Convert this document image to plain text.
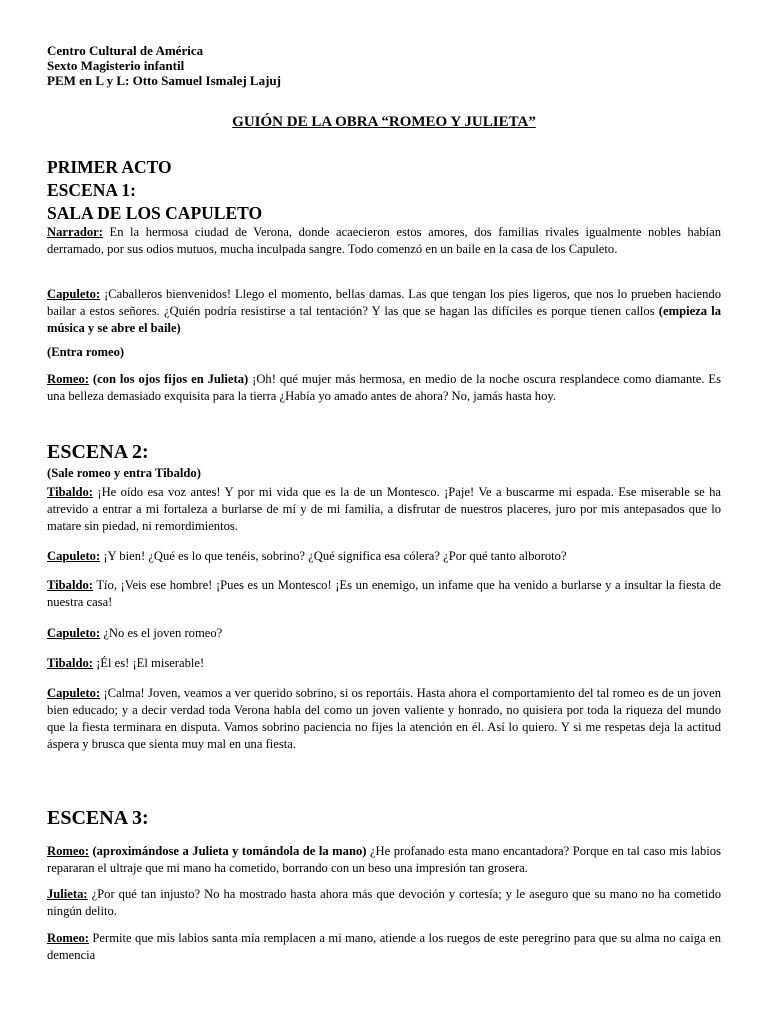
Centro Cultural de América
Sexto Magisterio infantil
PEM en L y L: Otto Samuel Ismalej Lajuj
GUIÓN DE LA OBRA “ROMEO Y JULIETA”
PRIMER ACTO
ESCENA 1:
SALA DE LOS CAPULETO
Narrador: En la hermosa ciudad de Verona, donde acaecieron estos amores, dos familias rivales igualmente nobles habían derramado, por sus odios mutuos, mucha inculpada sangre. Todo comenzó en un baile en la casa de los Capuleto.
Capuleto: ¡Caballeros bienvenidos! Llego el momento, bellas damas. Las que tengan los pies ligeros, que nos lo prueben haciendo bailar a estos señores. ¿Quién podría resistirse a tal tentación? Y las que se hagan las difíciles es porque tienen callos (empieza la música y se abre el baile)
(Entra romeo)
Romeo: (con los ojos fijos en Julieta) ¡Oh! qué mujer más hermosa, en medio de la noche oscura resplandece como diamante. Es una belleza demasiado exquisita para la tierra ¿Había yo amado antes de ahora? No, jamás hasta hoy.
ESCENA 2:
(Sale romeo y entra Tibaldo)
Tibaldo: ¡He oído esa voz antes! Y por mi vida que es la de un Montesco. ¡Paje! Ve a buscarme mi espada. Ese miserable se ha atrevido a entrar a mi fortaleza a burlarse de mí y de mi familia, a disfrutar de nuestros placeres, juro por mis antepasados que lo matare sin piedad, ni remordimientos.
Capuleto: ¡Y bien! ¿Qué es lo que tenéis, sobrino? ¿Qué significa esa cólera? ¿Por qué tanto alboroto?
Tibaldo: Tío, ¡Veis ese hombre! ¡Pues es un Montesco! ¡Es un enemigo, un infame que ha venido a burlarse y a insultar la fiesta de nuestra casa!
Capuleto: ¿No es el joven romeo?
Tibaldo: ¡Él es! ¡El miserable!
Capuleto: ¡Calma! Joven, veamos a ver querido sobrino, si os reportáis. Hasta ahora el comportamiento del tal romeo es de un joven bien educado; y a decir verdad toda Verona habla del como un joven valiente y honrado, no quisiera por toda la riqueza del mundo que la fiesta terminara en disputa. Vamos sobrino paciencia no fijes la atención en él. Así lo quiero. Y si me respetas deja la actitud áspera y brusca que sienta muy mal en una fiesta.
ESCENA 3:
Romeo: (aproximándose a Julieta y tomándola de la mano) ¿He profanado esta mano encantadora? Porque en tal caso mis labios repararan el ultraje que mi mano ha cometido, borrando con un beso una impresión tan grosera.
Julieta: ¿Por qué tan injusto? No ha mostrado hasta ahora más que devoción y cortesía; y le aseguro que su mano no ha cometido ningún delito.
Romeo: Permite que mis labios santa mía remplacen a mi mano, atiende a los ruegos de este peregrino para que su alma no caiga en demencia
